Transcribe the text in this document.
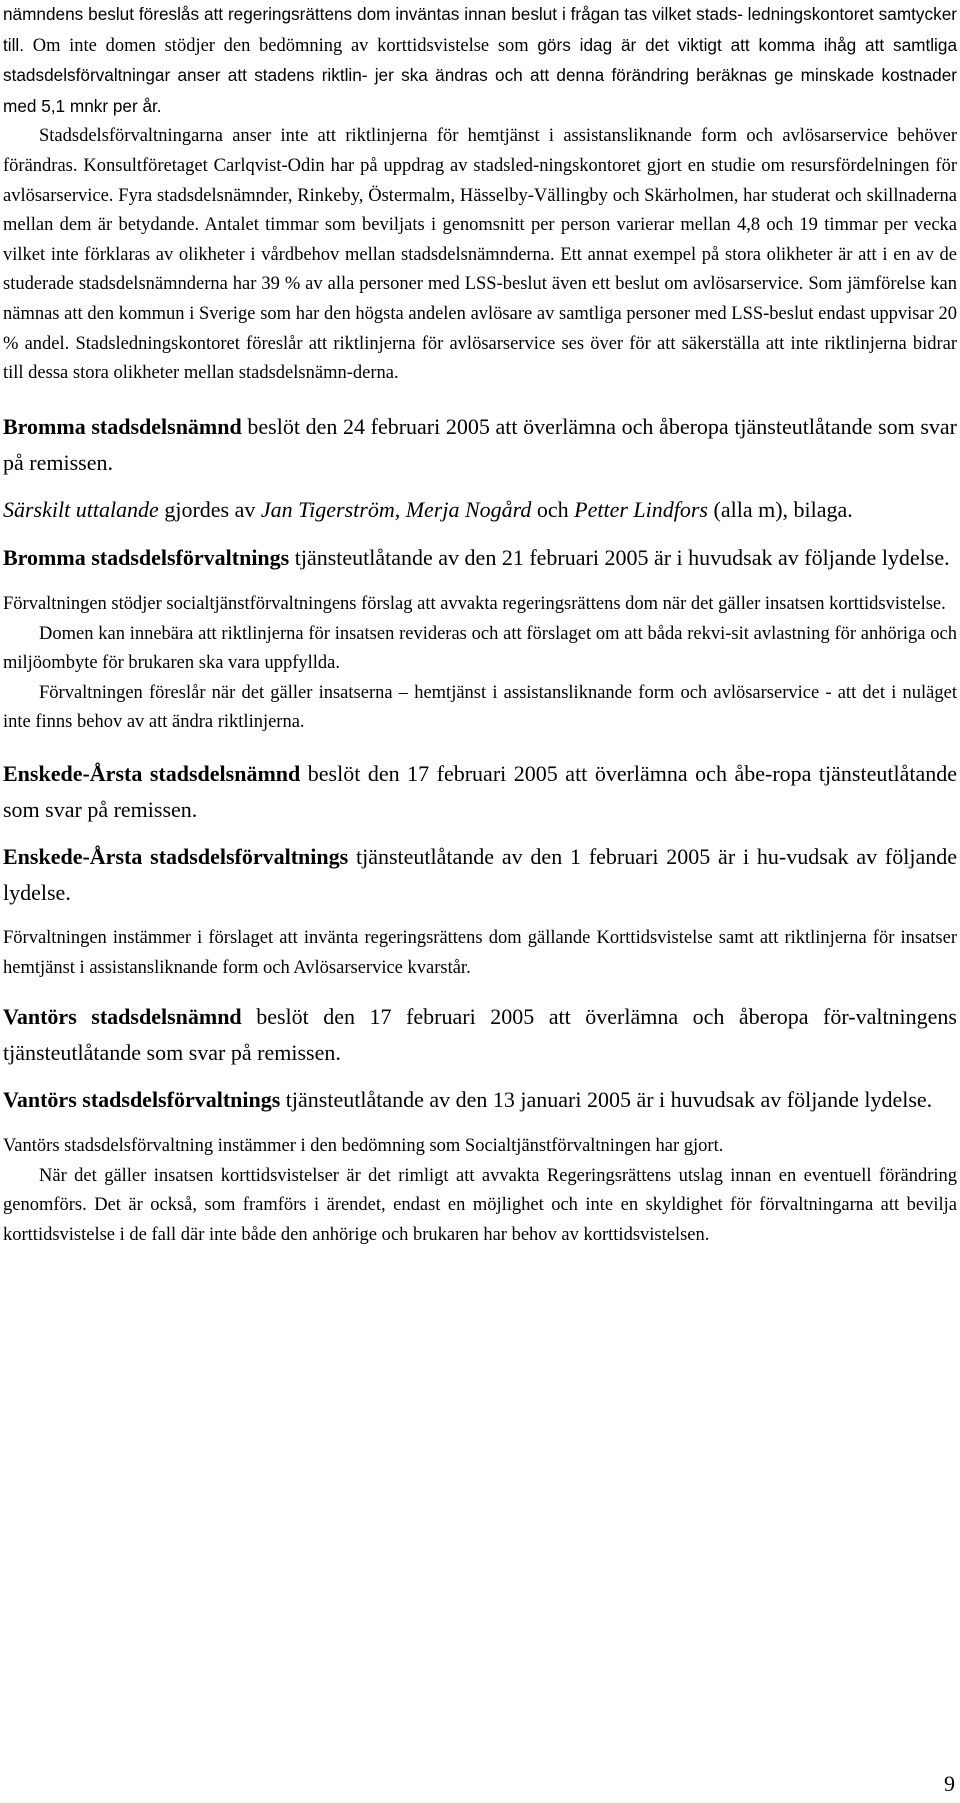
nämndens beslut föreslås att regeringsrättens dom inväntas innan beslut i frågan tas vilket stads- ledningskontoret samtycker till. Om inte domen stödjer den bedömning av korttidsvistelse som görs idag är det viktigt att komma ihåg att samtliga stadsdelsförvaltningar anser att stadens riktlin- jer ska ändras och att denna förändring beräknas ge minskade kostnader med 5,1 mnkr per år.

Stadsdelsförvaltningarna anser inte att riktlinjerna för hemtjänst i assistansliknande form och avlösarservice behöver förändras. Konsultföretaget Carlqvist-Odin har på uppdrag av stadsled-ningskontoret gjort en studie om resursfördelningen för avlösarservice. Fyra stadsdelsnämnder, Rinkeby, Östermalm, Hässelby-Vällingby och Skärholmen, har studerat och skillnaderna mellan dem är betydande. Antalet timmar som beviljats i genomsnitt per person varierar mellan 4,8 och 19 timmar per vecka vilket inte förklaras av olikheter i vårdbehov mellan stadsdelsnämnderna. Ett annat exempel på stora olikheter är att i en av de studerade stadsdelsnämnderna har 39 % av alla personer med LSS-beslut även ett beslut om avlösarservice. Som jämförelse kan nämnas att den kommun i Sverige som har den högsta andelen avlösare av samtliga personer med LSS-beslut endast uppvisar 20 % andel. Stadsledningskontoret föreslår att riktlinjerna för avlösarservice ses över för att säkerställa att inte riktlinjerna bidrar till dessa stora olikheter mellan stadsdelsnämn-derna.

Bromma stadsdelsnämnd beslöt den 24 februari 2005 att överlämna och åberopa tjänsteutlåtande som svar på remissen.

Särskilt uttalande gjordes av Jan Tigerström, Merja Nogård och Petter Lindfors (alla m), bilaga.

Bromma stadsdelsförvaltnings tjänsteutlåtande av den 21 februari 2005 är i huvudsak av följande lydelse.

Förvaltningen stödjer socialtjänstförvaltningens förslag att avvakta regeringsrättens dom när det gäller insatsen korttidsvistelse.

Domen kan innebära att riktlinjerna för insatsen revideras och att förslaget om att båda rekvi-sit avlastning för anhöriga och miljöombyte för brukaren ska vara uppfyllda.

Förvaltningen föreslår när det gäller insatserna – hemtjänst i assistansliknande form och avlösarservice - att det i nuläget inte finns behov av att ändra riktlinjerna.

Enskede-Årsta stadsdelsnämnd beslöt den 17 februari 2005 att överlämna och åbe-ropa tjänsteutlåtande som svar på remissen.

Enskede-Årsta stadsdelsförvaltnings tjänsteutlåtande av den 1 februari 2005 är i hu-vudsak av följande lydelse.

Förvaltningen instämmer i förslaget att invänta regeringsrättens dom gällande Korttidsvistelse samt att riktlinjerna för insatser hemtjänst i assistansliknande form och Avlösarservice kvarstår.

Vantörs stadsdelsnämnd beslöt den 17 februari 2005 att överlämna och åberopa för-valtningens tjänsteutlåtande som svar på remissen.

Vantörs stadsdelsförvaltnings tjänsteutlåtande av den 13 januari 2005 är i huvudsak av följande lydelse.

Vantörs stadsdelsförvaltning instämmer i den bedömning som Socialtjänstförvaltningen har gjort.

När det gäller insatsen korttidsvistelser är det rimligt att avvakta Regeringsrättens utslag innan en eventuell förändring genomförs. Det är också, som framförs i ärendet, endast en möjlighet och inte en skyldighet för förvaltningarna att bevilja korttidsvistelse i de fall där inte både den anhörige och brukaren har behov av korttidsvistelsen.

9
